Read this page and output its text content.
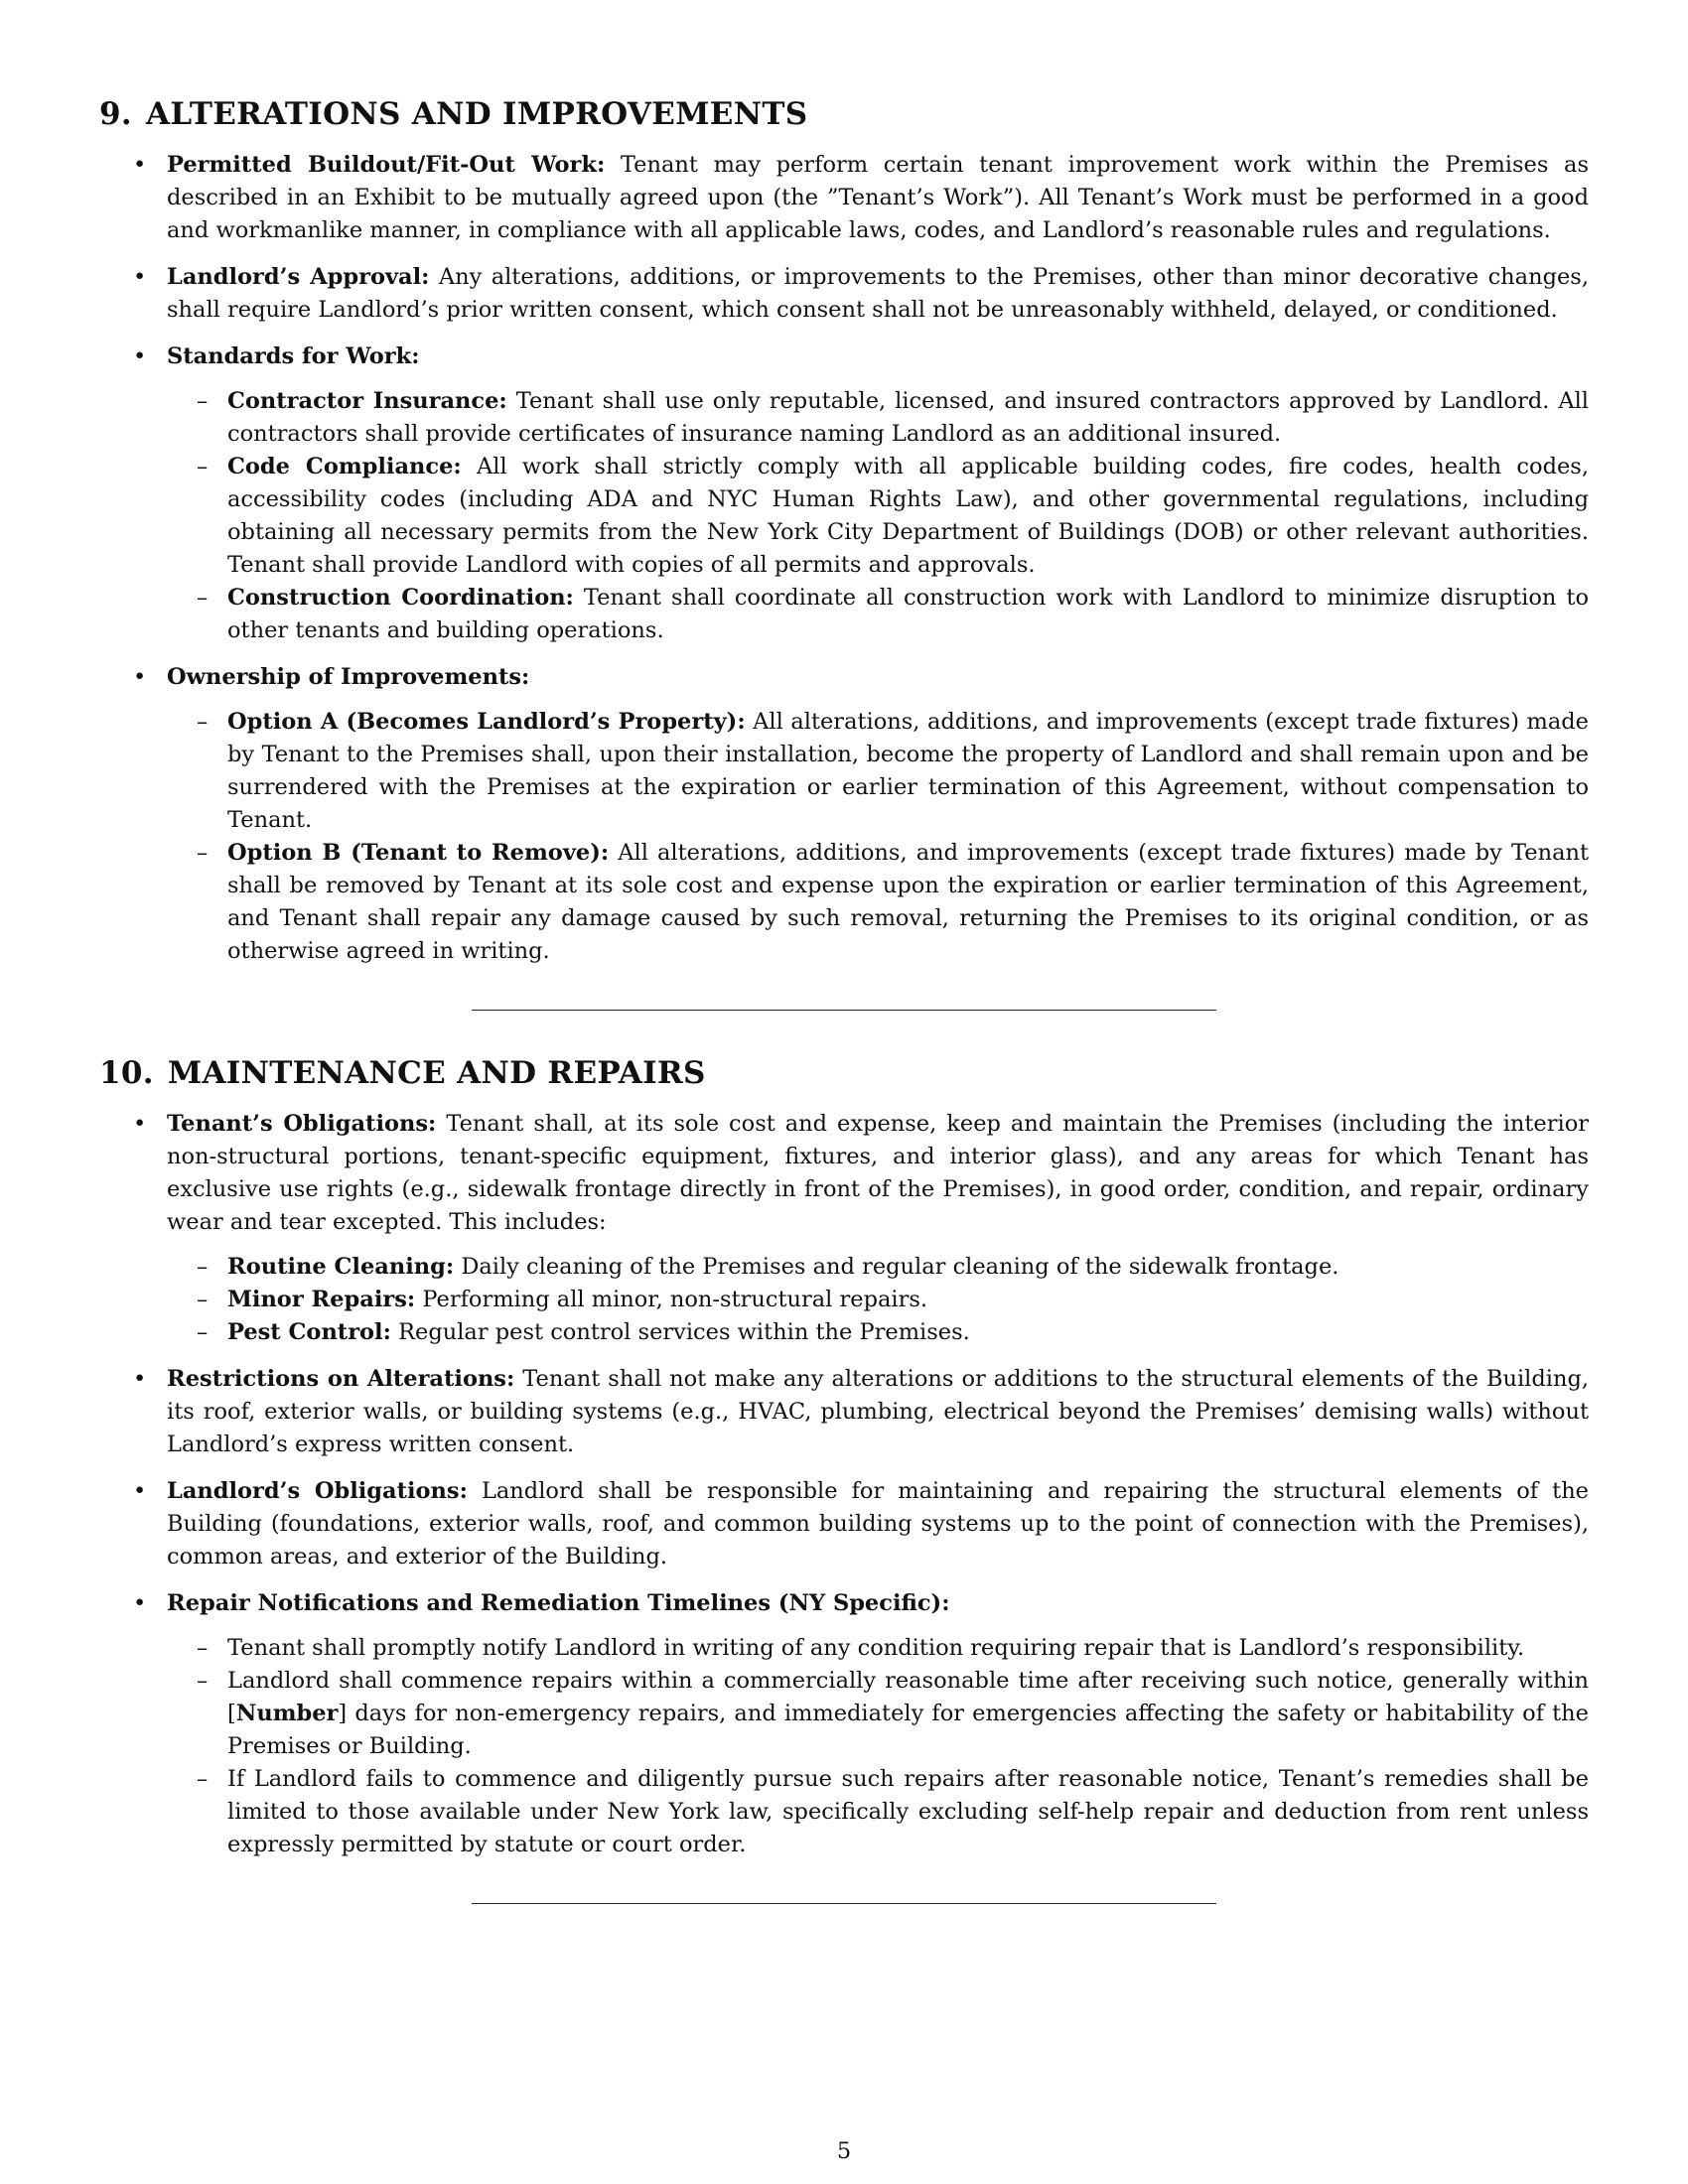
9. ALTERATIONS AND IMPROVEMENTS
• Permitted Buildout/Fit-Out Work: Tenant may perform certain tenant improvement work within the Premises as described in an Exhibit to be mutually agreed upon (the ”Tenant’s Work”). All Tenant’s Work must be performed in a good and workmanlike manner, in compliance with all applicable laws, codes, and Landlord’s reasonable rules and regulations.
• Landlord’s Approval: Any alterations, additions, or improvements to the Premises, other than minor decorative changes, shall require Landlord’s prior written consent, which consent shall not be unreasonably withheld, delayed, or conditioned.
• Standards for Work:
– Contractor Insurance: Tenant shall use only reputable, licensed, and insured contractors approved by Landlord. All contractors shall provide certificates of insurance naming Landlord as an additional insured.
– Code Compliance: All work shall strictly comply with all applicable building codes, fire codes, health codes, accessibility codes (including ADA and NYC Human Rights Law), and other governmental regulations, including obtaining all necessary permits from the New York City Department of Buildings (DOB) or other relevant authorities. Tenant shall provide Landlord with copies of all permits and approvals.
– Construction Coordination: Tenant shall coordinate all construction work with Landlord to minimize disruption to other tenants and building operations.
• Ownership of Improvements:
– Option A (Becomes Landlord’s Property): All alterations, additions, and improvements (except trade fixtures) made by Tenant to the Premises shall, upon their installation, become the property of Landlord and shall remain upon and be surrendered with the Premises at the expiration or earlier termination of this Agreement, without compensation to Tenant.
– Option B (Tenant to Remove): All alterations, additions, and improvements (except trade fixtures) made by Tenant shall be removed by Tenant at its sole cost and expense upon the expiration or earlier termination of this Agreement, and Tenant shall repair any damage caused by such removal, returning the Premises to its original condition, or as otherwise agreed in writing.
10. MAINTENANCE AND REPAIRS
• Tenant’s Obligations: Tenant shall, at its sole cost and expense, keep and maintain the Premises (including the interior non-structural portions, tenant-specific equipment, fixtures, and interior glass), and any areas for which Tenant has exclusive use rights (e.g., sidewalk frontage directly in front of the Premises), in good order, condition, and repair, ordinary wear and tear excepted. This includes:
– Routine Cleaning: Daily cleaning of the Premises and regular cleaning of the sidewalk frontage.
– Minor Repairs: Performing all minor, non-structural repairs.
– Pest Control: Regular pest control services within the Premises.
• Restrictions on Alterations: Tenant shall not make any alterations or additions to the structural elements of the Building, its roof, exterior walls, or building systems (e.g., HVAC, plumbing, electrical beyond the Premises’ demising walls) without Landlord’s express written consent.
• Landlord’s Obligations: Landlord shall be responsible for maintaining and repairing the structural elements of the Building (foundations, exterior walls, roof, and common building systems up to the point of connection with the Premises), common areas, and exterior of the Building.
• Repair Notifications and Remediation Timelines (NY Specific):
– Tenant shall promptly notify Landlord in writing of any condition requiring repair that is Landlord’s responsibility.
– Landlord shall commence repairs within a commercially reasonable time after receiving such notice, generally within [Number] days for non-emergency repairs, and immediately for emergencies affecting the safety or habitability of the Premises or Building.
– If Landlord fails to commence and diligently pursue such repairs after reasonable notice, Tenant’s remedies shall be limited to those available under New York law, specifically excluding self-help repair and deduction from rent unless expressly permitted by statute or court order.
5
